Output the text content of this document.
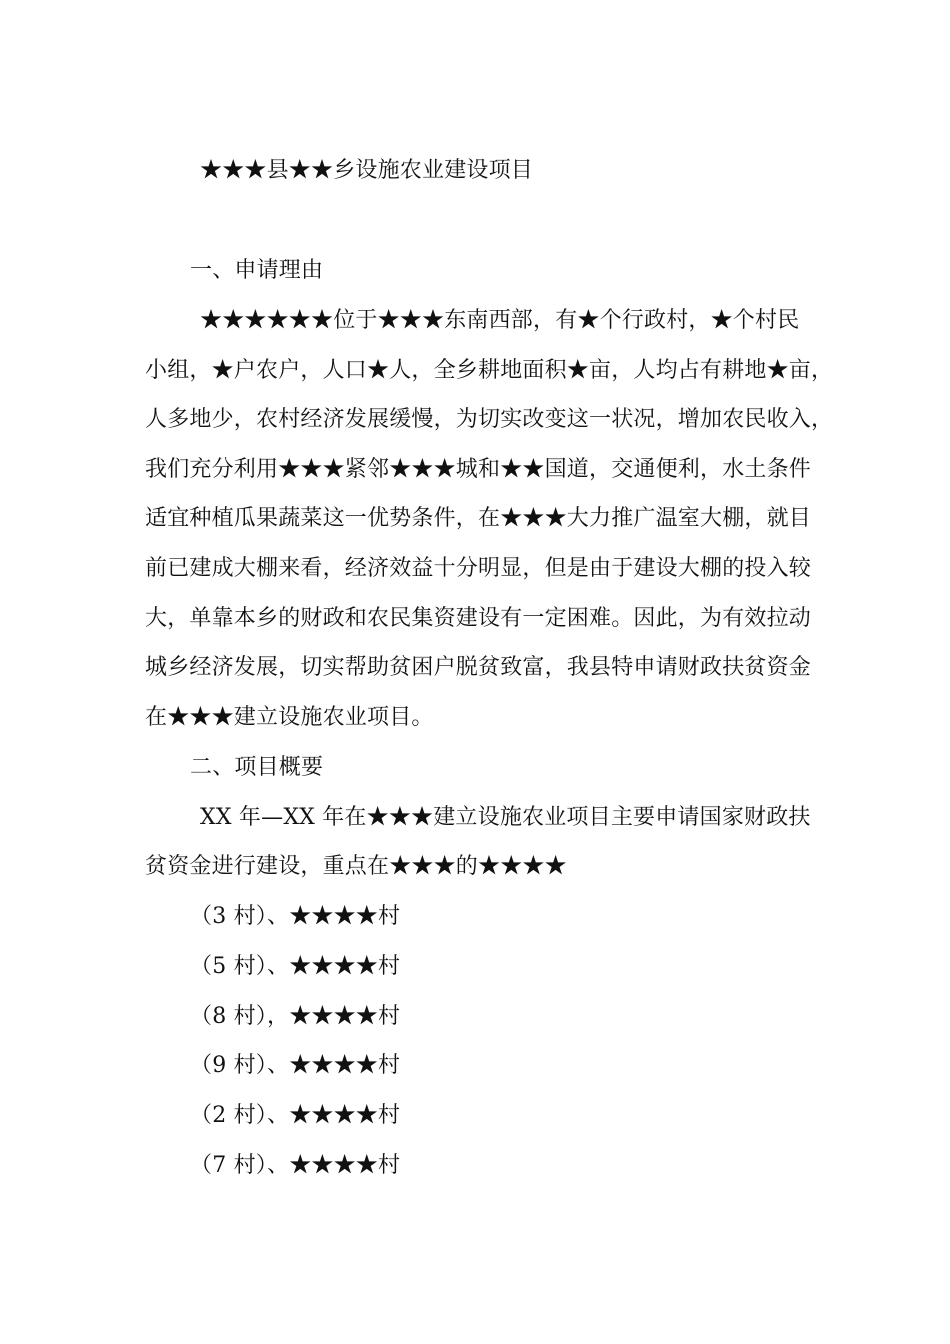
★★★县★★乡设施农业建设项目
一、申请理由
★★★★★★位于★★★东南西部，有★个行政村，★个村民
小组，★户农户，人口★人，全乡耕地面积★亩，人均占有耕地★亩，
人多地少，农村经济发展缓慢，为切实改变这一状况，增加农民收入，
我们充分利用★★★紧邻★★★城和★★国道，交通便利，水土条件
适宜种植瓜果蔬菜这一优势条件，在★★★大力推广温室大棚，就目
前已建成大棚来看，经济效益十分明显，但是由于建设大棚的投入较
大，单靠本乡的财政和农民集资建设有一定困难。因此，为有效拉动
城乡经济发展，切实帮助贫困户脱贫致富，我县特申请财政扶贫资金
在★★★建立设施农业项目。
二、项目概要
XX 年—XX 年在★★★建立设施农业项目主要申请国家财政扶
贫资金进行建设，重点在★★★的★★★★
（3 村）、★★★★村
（5 村）、★★★★村
（8 村），★★★★村
（9 村）、★★★★村
（2 村）、★★★★村
（7 村）、★★★★村
